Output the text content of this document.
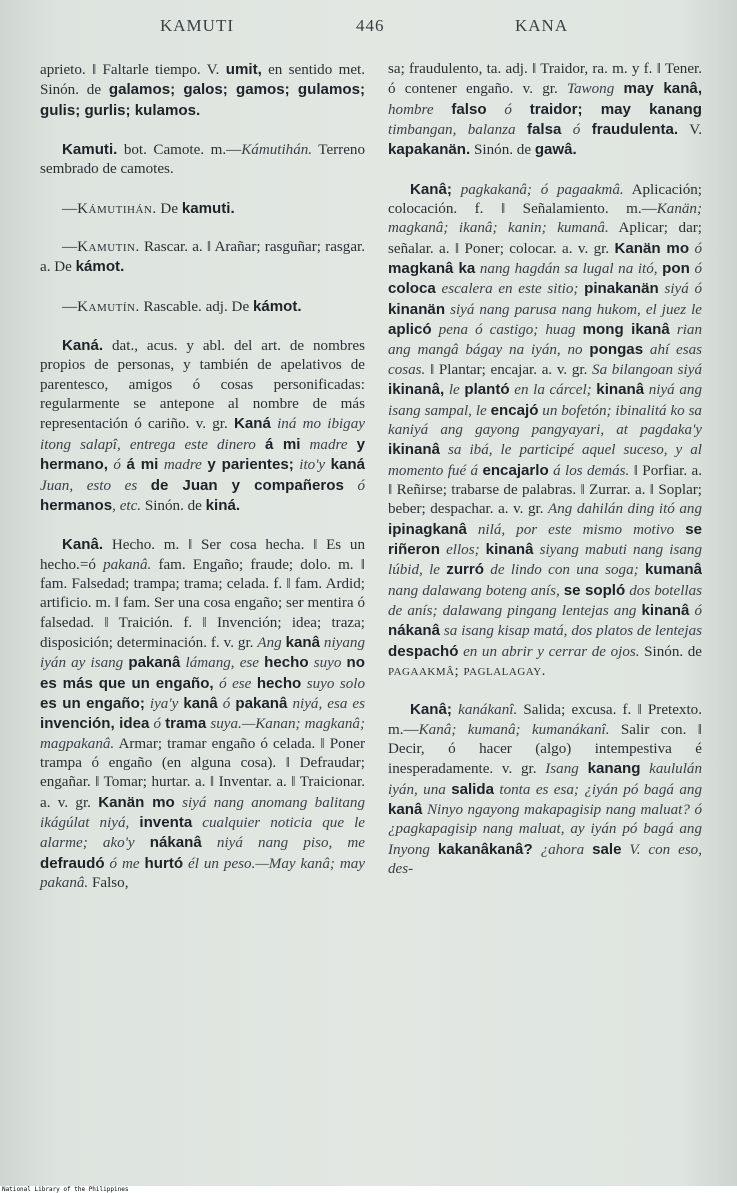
KAMUTI	446	KANA

aprieto. ‖ Faltarle tiempo. V. umit, en sentido met. Sinón. de galamos; galos; gamos; gulamos; gulis; gurlis; kulamos.

Kamuti. bot. Camote. m.—Kámutihán. Terreno sembrado de camotes.

—Kámutihán. De kamuti.

—Kamutin. Rascar. a. ‖ Arañar; rasguñar; rasgar. a. De kámot.

—Kamutín. Rascable. adj. De kámot.

Kaná. dat., acus. y abl. del art. de nombres propios de personas, y también de apelativos de parentesco, amigos ó cosas personificadas: regularmente se antepone al nombre de más representación ó cariño. v. gr. Kaná iná mo ibigay itong salapî, entrega este dinero á mi madre y hermano, ó á mi madre y parientes; ito'y kaná Juan, esto es de Juan y compañeros ó hermanos, etc. Sinón. de kiná.

Kanâ. Hecho. m. ‖ Ser cosa hecha. ‖ Es un hecho.=ó pakanâ. fam. Engaño; fraude; dolo. m. ‖ fam. Falsedad; trampa; trama; celada. f. ‖ fam. Ardid; artificio. m. ‖ fam. Ser una cosa engaño; ser mentira ó falsedad. ‖ Traición. f. ‖ Invención; idea; traza; disposición; determinación. f. v. gr. Ang kanâ niyang iyán ay isang pakanâ lámang, ese hecho suyo no es más que un engaño, ó ese hecho suyo solo es un engaño; iya'y kanâ ó pakanâ niyá, esa es invención, idea ó trama suya.—Kanan; magkanâ; magpakanâ. Armar; tramar engaño ó celada. ‖ Poner trampa ó engaño (en alguna cosa). ‖ Defraudar; engañar. ‖ Tomar; hurtar. a. ‖ Inventar. a. ‖ Traicionar. a. v. gr. Kanän mo siyá nang anomang balitang ikágúlat niyá, inventa cualquier noticia que le alarme; ako'y nákanâ niyá nang piso, me defraudó ó me hurtó él un peso.—May kanâ; may pakanâ. Falso,

sa; fraudulento, ta. adj. ‖ Traidor, ra. m. y f. ‖ Tener. ó contener engaño. v. gr. Tawong may kanâ, hombre falso ó traidor; may kanang timbangan, balanza falsa ó fraudulenta. V. kapakanän. Sinón. de gawâ.

Kanâ; pagkakanâ; ó pagaakmâ. Aplicación; colocación. f. ‖ Señalamiento. m.—Kanän; magkanâ; ikanâ; kanin; kumanâ. Aplicar; dar; señalar. a. ‖ Poner; colocar. a. v. gr. Kanän mo ó magkanâ ka nang hagdán sa lugal na itó, pon ó coloca escalera en este sitio; pinakanän siyá ó kinanän siyá nang parusa nang hukom, el juez le aplicó pena ó castigo; huag mong ikanâ rian ang mangâ bágay na iyán, no pongas ahí esas cosas. ‖ Plantar; encajar. a. v. gr. Sa bilangoan siyá ikinanâ, le plantó en la cárcel; kinanâ niyá ang isang sampal, le encajó un bofetón; ibinalitá ko sa kaniyá ang gayong pangyayari, at pagdaka'y ikinanâ sa ibá, le participé aquel suceso, y al momento fué á encajarlo á los demás. ‖ Porfiar. a. ‖ Reñirse; trabarse de palabras. ‖ Zurrar. a. ‖ Soplar; beber; despachar. a. v. gr. Ang dahilán ding itó ang ipinagkanâ nilá, por este mismo motivo se riñeron ellos; kinanâ siyang mabuti nang isang lúbid, le zurró de lindo con una soga; kumanâ nang dalawang boteng anís, se sopló dos botellas de anís; dalawang pingang lentejas ang kinanâ ó nákanâ sa isang kisap matá, dos platos de lentejas despachó en un abrir y cerrar de ojos. Sinón. de pagaakmâ; paglalagay.

Kanâ; kanákanî. Salida; excusa. f. ‖ Pretexto. m.—Kanâ; kumanâ; kumanákanî. Salir con. ‖ Decir, ó hacer (algo) intempestiva é inesperadamente. v. gr. Isang kanang kaululán iyán, una salida tonta es esa; ¿iyán pó bagá ang kanâ Ninyo ngayong makapagisip nang maluat? ó ¿pagkapagisip nang maluat, ay iyán pó bagá ang Inyong kakanâkanâ? ¿ahora sale V. con eso, des-

National Library of the Philippines
